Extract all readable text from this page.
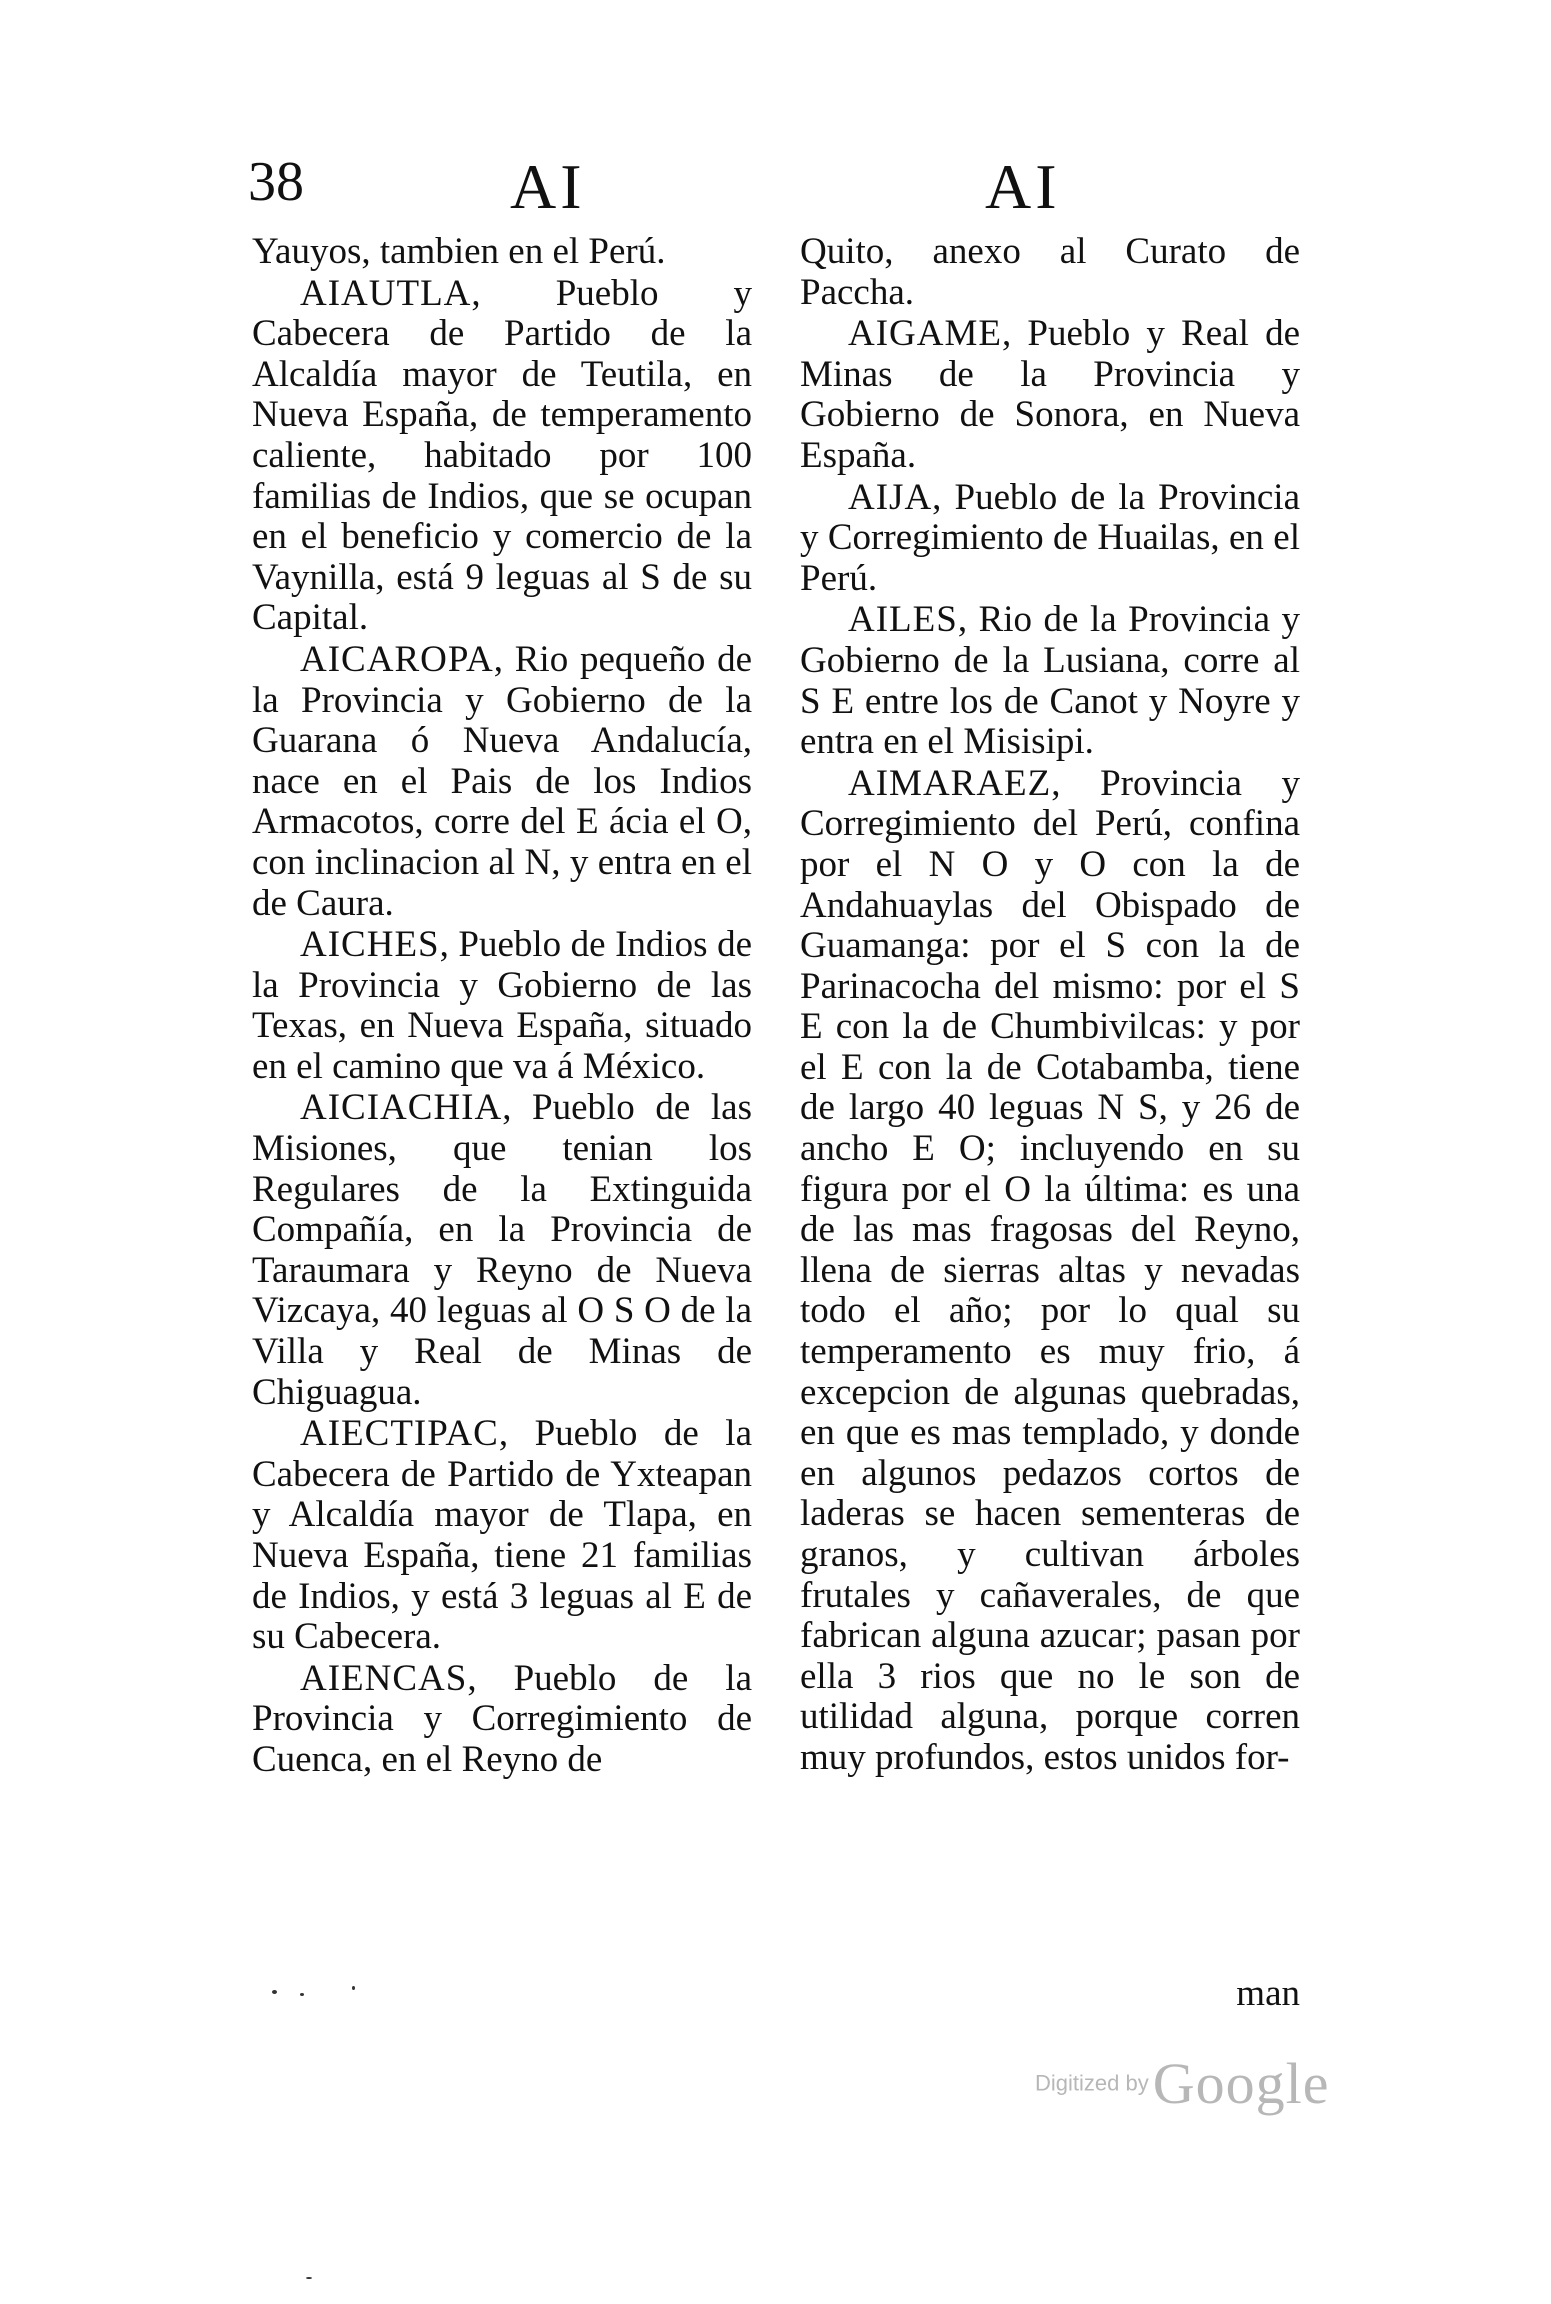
38	AI	AI

Yauyos, tambien en el Perú.

AIAUTLA, Pueblo y Cabecera de Partido de la Alcaldía mayor de Teutila, en Nueva España, de temperamento caliente, habitado por 100 familias de Indios, que se ocupan en el beneficio y comercio de la Vaynilla, está 9 leguas al S de su Capital.

AICAROPA, Rio pequeño de la Provincia y Gobierno de la Guarana ó Nueva Andalucía, nace en el Pais de los Indios Armacotos, corre del E ácia el O, con inclinacion al N, y entra en el de Caura.

AICHES, Pueblo de Indios de la Provincia y Gobierno de las Texas, en Nueva España, situado en el camino que va á México.

AICIACHIA, Pueblo de las Misiones, que tenian los Regulares de la Extinguida Compañía, en la Provincia de Taraumara y Reyno de Nueva Vizcaya, 40 leguas al O S O de la Villa y Real de Minas de Chiguagua.

AIECTIPAC, Pueblo de la Cabecera de Partido de Yxteapan y Alcaldía mayor de Tlapa, en Nueva España, tiene 21 familias de Indios, y está 3 leguas al E de su Cabecera.

AIENCAS, Pueblo de la Provincia y Corregimiento de Cuenca, en el Reyno de

Quito, anexo al Curato de Paccha.

AIGAME, Pueblo y Real de Minas de la Provincia y Gobierno de Sonora, en Nueva España.

AIJA, Pueblo de la Provincia y Corregimiento de Huailas, en el Perú.

AILES, Rio de la Provincia y Gobierno de la Lusiana, corre al S E entre los de Canot y Noyre y entra en el Misisipi.

AIMARAEZ, Provincia y Corregimiento del Perú, confina por el N O y O con la de Andahuaylas del Obispado de Guamanga: por el S con la de Parinacocha del mismo: por el S E con la de Chumbivilcas: y por el E con la de Cotabamba, tiene de largo 40 leguas N S, y 26 de ancho E O; incluyendo en su figura por el O la última: es una de las mas fragosas del Reyno, llena de sierras altas y nevadas todo el año; por lo qual su temperamento es muy frio, á excepcion de algunas quebradas, en que es mas templado, y donde en algunos pedazos cortos de laderas se hacen sementeras de granos, y cultivan árboles frutales y cañaverales, de que fabrican alguna azucar; pasan por ella 3 rios que no le son de utilidad alguna, porque corren muy profundos, estos unidos for-

man
Digitized by Google
